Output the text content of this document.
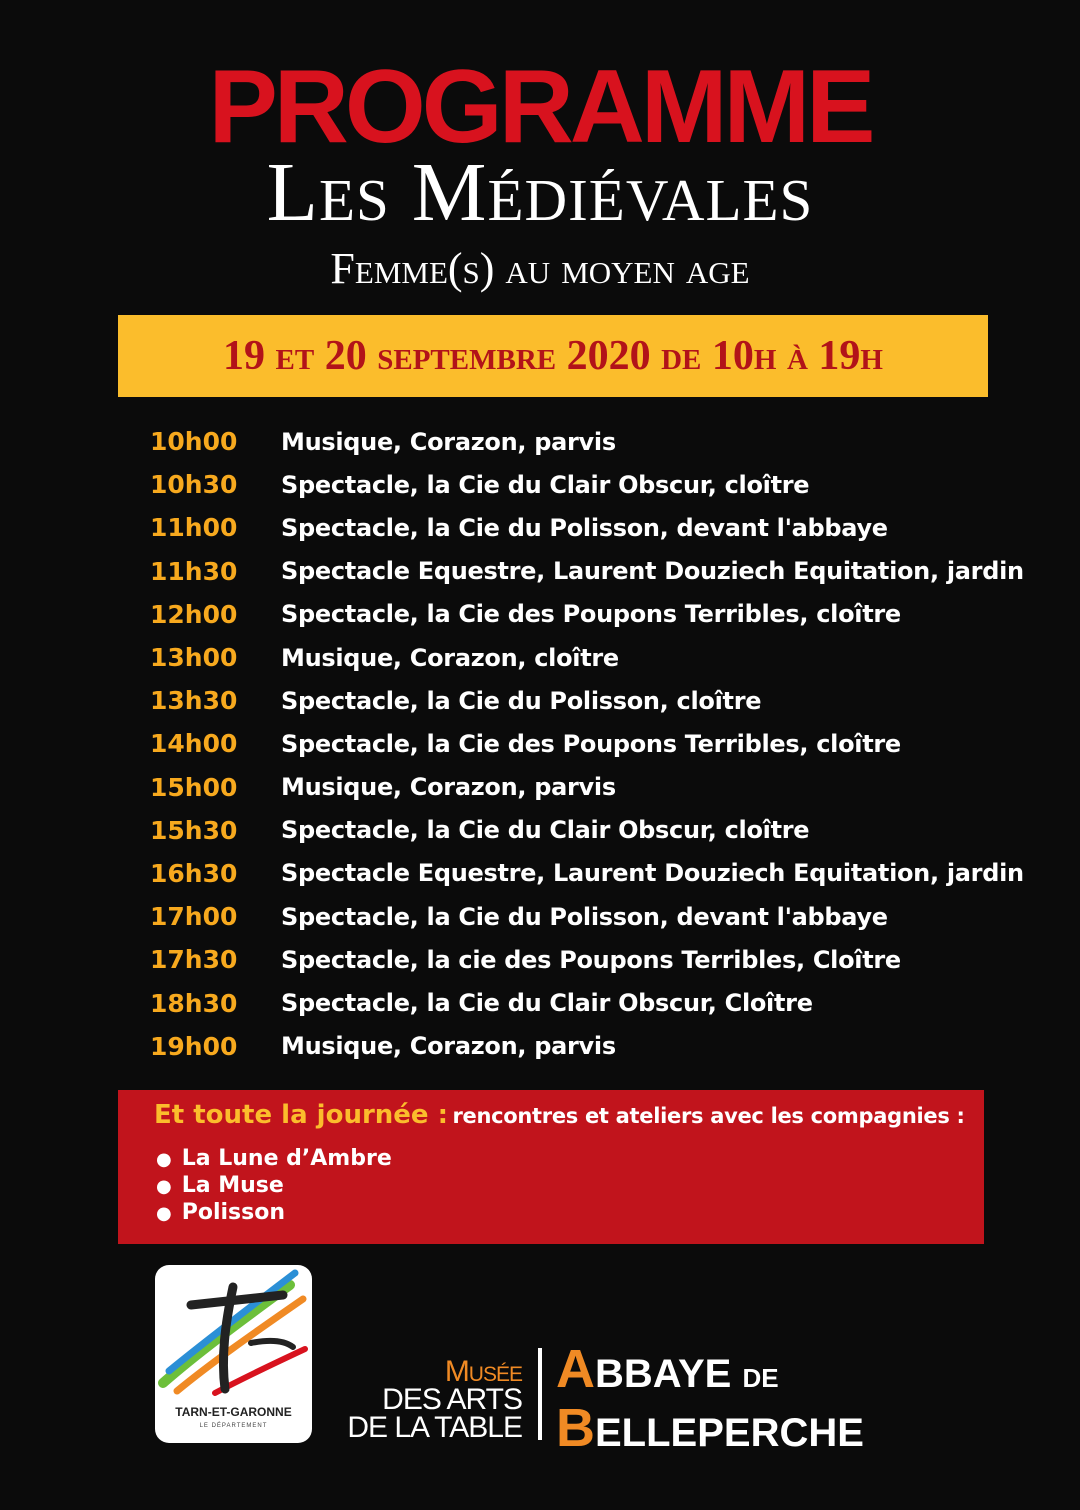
PROGRAMME
Les Médiévales
Femme(s) au moyen age
19 et 20 septembre 2020 de 10h à 19h
10h00	Musique, Corazon, parvis
10h30	Spectacle, la Cie du Clair Obscur, cloître
11h00	Spectacle, la Cie du Polisson, devant l'abbaye
11h30	Spectacle Equestre, Laurent Douziech Equitation, jardin
12h00	Spectacle, la Cie des Poupons Terribles, cloître
13h00	Musique, Corazon, cloître
13h30	Spectacle, la Cie du Polisson, cloître
14h00	Spectacle, la Cie des Poupons Terribles, cloître
15h00	Musique, Corazon, parvis
15h30	Spectacle, la Cie du Clair Obscur, cloître
16h30	Spectacle Equestre, Laurent Douziech Equitation, jardin
17h00	Spectacle, la Cie du Polisson, devant l'abbaye
17h30	Spectacle, la cie des Poupons Terribles, Cloître
18h30	Spectacle, la Cie du Clair Obscur, Cloître
19h00	Musique, Corazon, parvis
Et toute la journée : rencontres et ateliers avec les compagnies :
● La Lune d’Ambre
● La Muse
● Polisson
TARN-ET-GARONNE
LE DÉPARTEMENT
Musée
DES ARTS
DE LA TABLE
ABBAYE DE
BELLEPERCHE
